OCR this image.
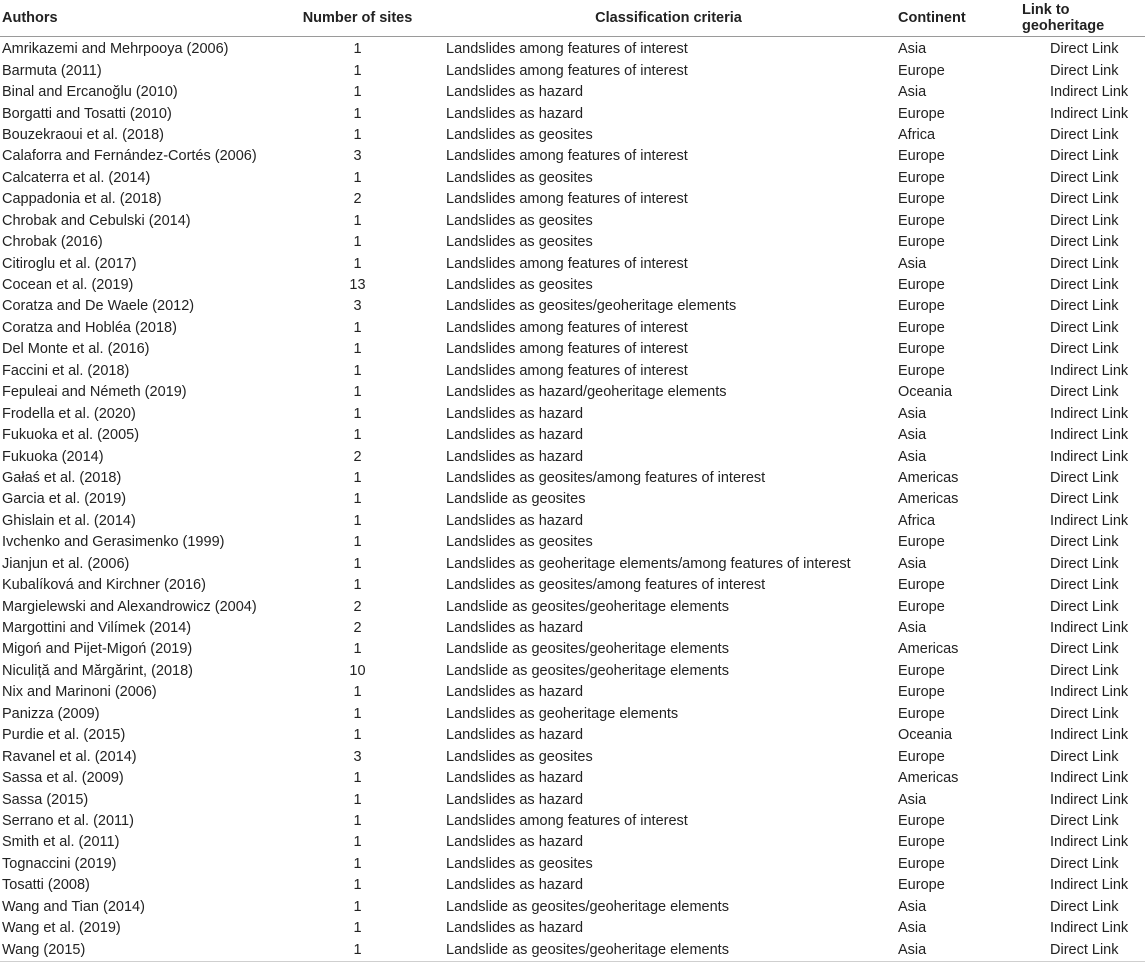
Authors	Number of sites	Classification criteria	Continent	Link to geoheritage
Amrikazemi and Mehrpooya (2006)	1	Landslides among features of interest	Asia	Direct Link
Barmuta (2011)	1	Landslides among features of interest	Europe	Direct Link
Binal and Ercanoğlu (2010)	1	Landslides as hazard	Asia	Indirect Link
Borgatti and Tosatti (2010)	1	Landslides as hazard	Europe	Indirect Link
Bouzekraoui et al. (2018)	1	Landslides as geosites	Africa	Direct Link
Calaforra and Fernández-Cortés (2006)	3	Landslides among features of interest	Europe	Direct Link
Calcaterra et al. (2014)	1	Landslides as geosites	Europe	Direct Link
Cappadonia et al. (2018)	2	Landslides among features of interest	Europe	Direct Link
Chrobak and Cebulski (2014)	1	Landslides as geosites	Europe	Direct Link
Chrobak (2016)	1	Landslides as geosites	Europe	Direct Link
Citiroglu et al. (2017)	1	Landslides among features of interest	Asia	Direct Link
Cocean et al. (2019)	13	Landslides as geosites	Europe	Direct Link
Coratza and De Waele (2012)	3	Landslides as geosites/geoheritage elements	Europe	Direct Link
Coratza and Hobléa (2018)	1	Landslides among features of interest	Europe	Direct Link
Del Monte et al. (2016)	1	Landslides among features of interest	Europe	Direct Link
Faccini et al. (2018)	1	Landslides among features of interest	Europe	Indirect Link
Fepuleai and Németh (2019)	1	Landslides as hazard/geoheritage elements	Oceania	Direct Link
Frodella et al. (2020)	1	Landslides as hazard	Asia	Indirect Link
Fukuoka et al. (2005)	1	Landslides as hazard	Asia	Indirect Link
Fukuoka (2014)	2	Landslides as hazard	Asia	Indirect Link
Gałaś et al. (2018)	1	Landslides as geosites/among features of interest	Americas	Direct Link
Garcia et al. (2019)	1	Landslide as geosites	Americas	Direct Link
Ghislain et al. (2014)	1	Landslides as hazard	Africa	Indirect Link
Ivchenko and Gerasimenko (1999)	1	Landslides as geosites	Europe	Direct Link
Jianjun et al. (2006)	1	Landslides as geoheritage elements/among features of interest	Asia	Direct Link
Kubalíková and Kirchner (2016)	1	Landslides as geosites/among features of interest	Europe	Direct Link
Margielewski and Alexandrowicz (2004)	2	Landslide as geosites/geoheritage elements	Europe	Direct Link
Margottini and Vilímek (2014)	2	Landslides as hazard	Asia	Indirect Link
Migoń and Pijet-Migoń (2019)	1	Landslide as geosites/geoheritage elements	Americas	Direct Link
Niculiță and Mărgărint, (2018)	10	Landslide as geosites/geoheritage elements	Europe	Direct Link
Nix and Marinoni (2006)	1	Landslides as hazard	Europe	Indirect Link
Panizza (2009)	1	Landslides as geoheritage elements	Europe	Direct Link
Purdie et al. (2015)	1	Landslides as hazard	Oceania	Indirect Link
Ravanel et al. (2014)	3	Landslides as geosites	Europe	Direct Link
Sassa et al. (2009)	1	Landslides as hazard	Americas	Indirect Link
Sassa (2015)	1	Landslides as hazard	Asia	Indirect Link
Serrano et al. (2011)	1	Landslides among features of interest	Europe	Direct Link
Smith et al. (2011)	1	Landslides as hazard	Europe	Indirect Link
Tognaccini (2019)	1	Landslides as geosites	Europe	Direct Link
Tosatti (2008)	1	Landslides as hazard	Europe	Indirect Link
Wang and Tian (2014)	1	Landslide as geosites/geoheritage elements	Asia	Direct Link
Wang et al. (2019)	1	Landslides as hazard	Asia	Indirect Link
Wang (2015)	1	Landslide as geosites/geoheritage elements	Asia	Direct Link
